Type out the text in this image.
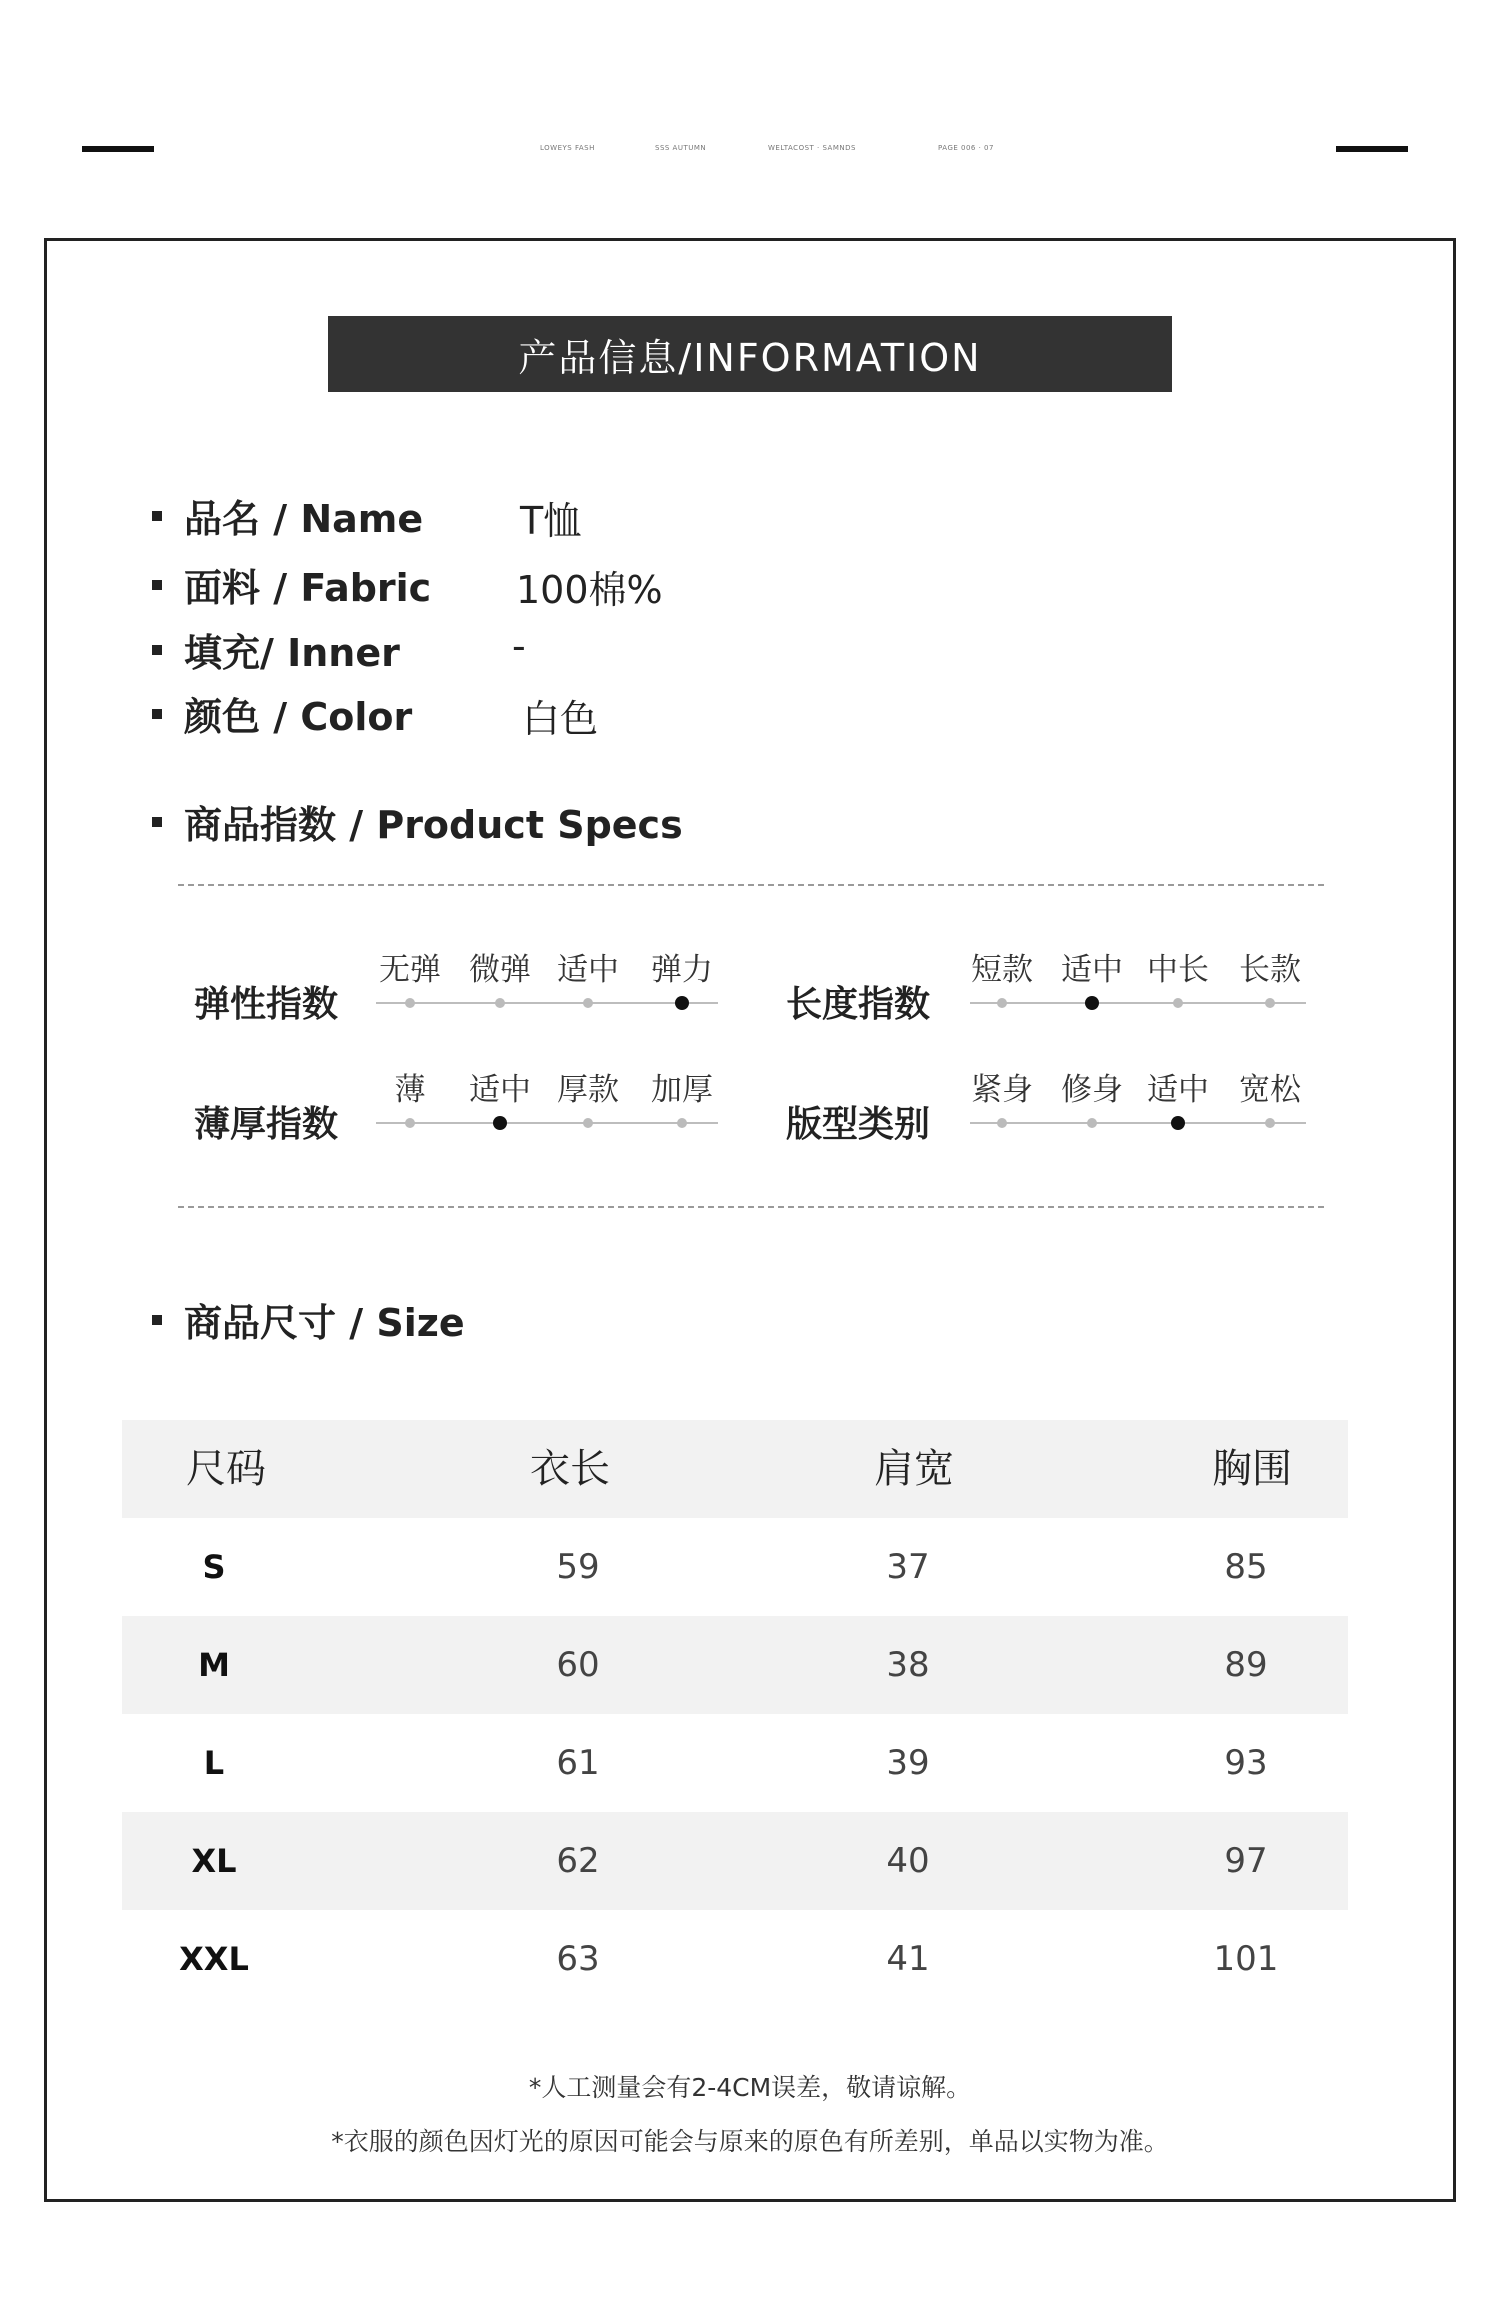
LOWEYS FASH	SSS AUTUMN	WELTACOST · SAMNDS	PAGE 006 · 07
产品信息/INFORMATION
品名 / Name	T恤
面料 / Fabric 100棉%
填充/ Inner	-
颜色 / Color	白色
商品指数 / Product Specs
弹性指数
无弹 微弹 适中 弹力
长度指数
短款 适中 中长 长款
薄厚指数
薄 适中 厚款 加厚
版型类别
紧身 修身 适中 宽松
商品尺寸 / Size
尺码	衣长	肩宽	胸围
S	59	37	85
M	60	38	89
L	61	39	93
XL	62	40	97
XXL	63	41	101
*人工测量会有2-4CM误差，敬请谅解。
*衣服的颜色因灯光的原因可能会与原来的原色有所差别，单品以实物为准。
